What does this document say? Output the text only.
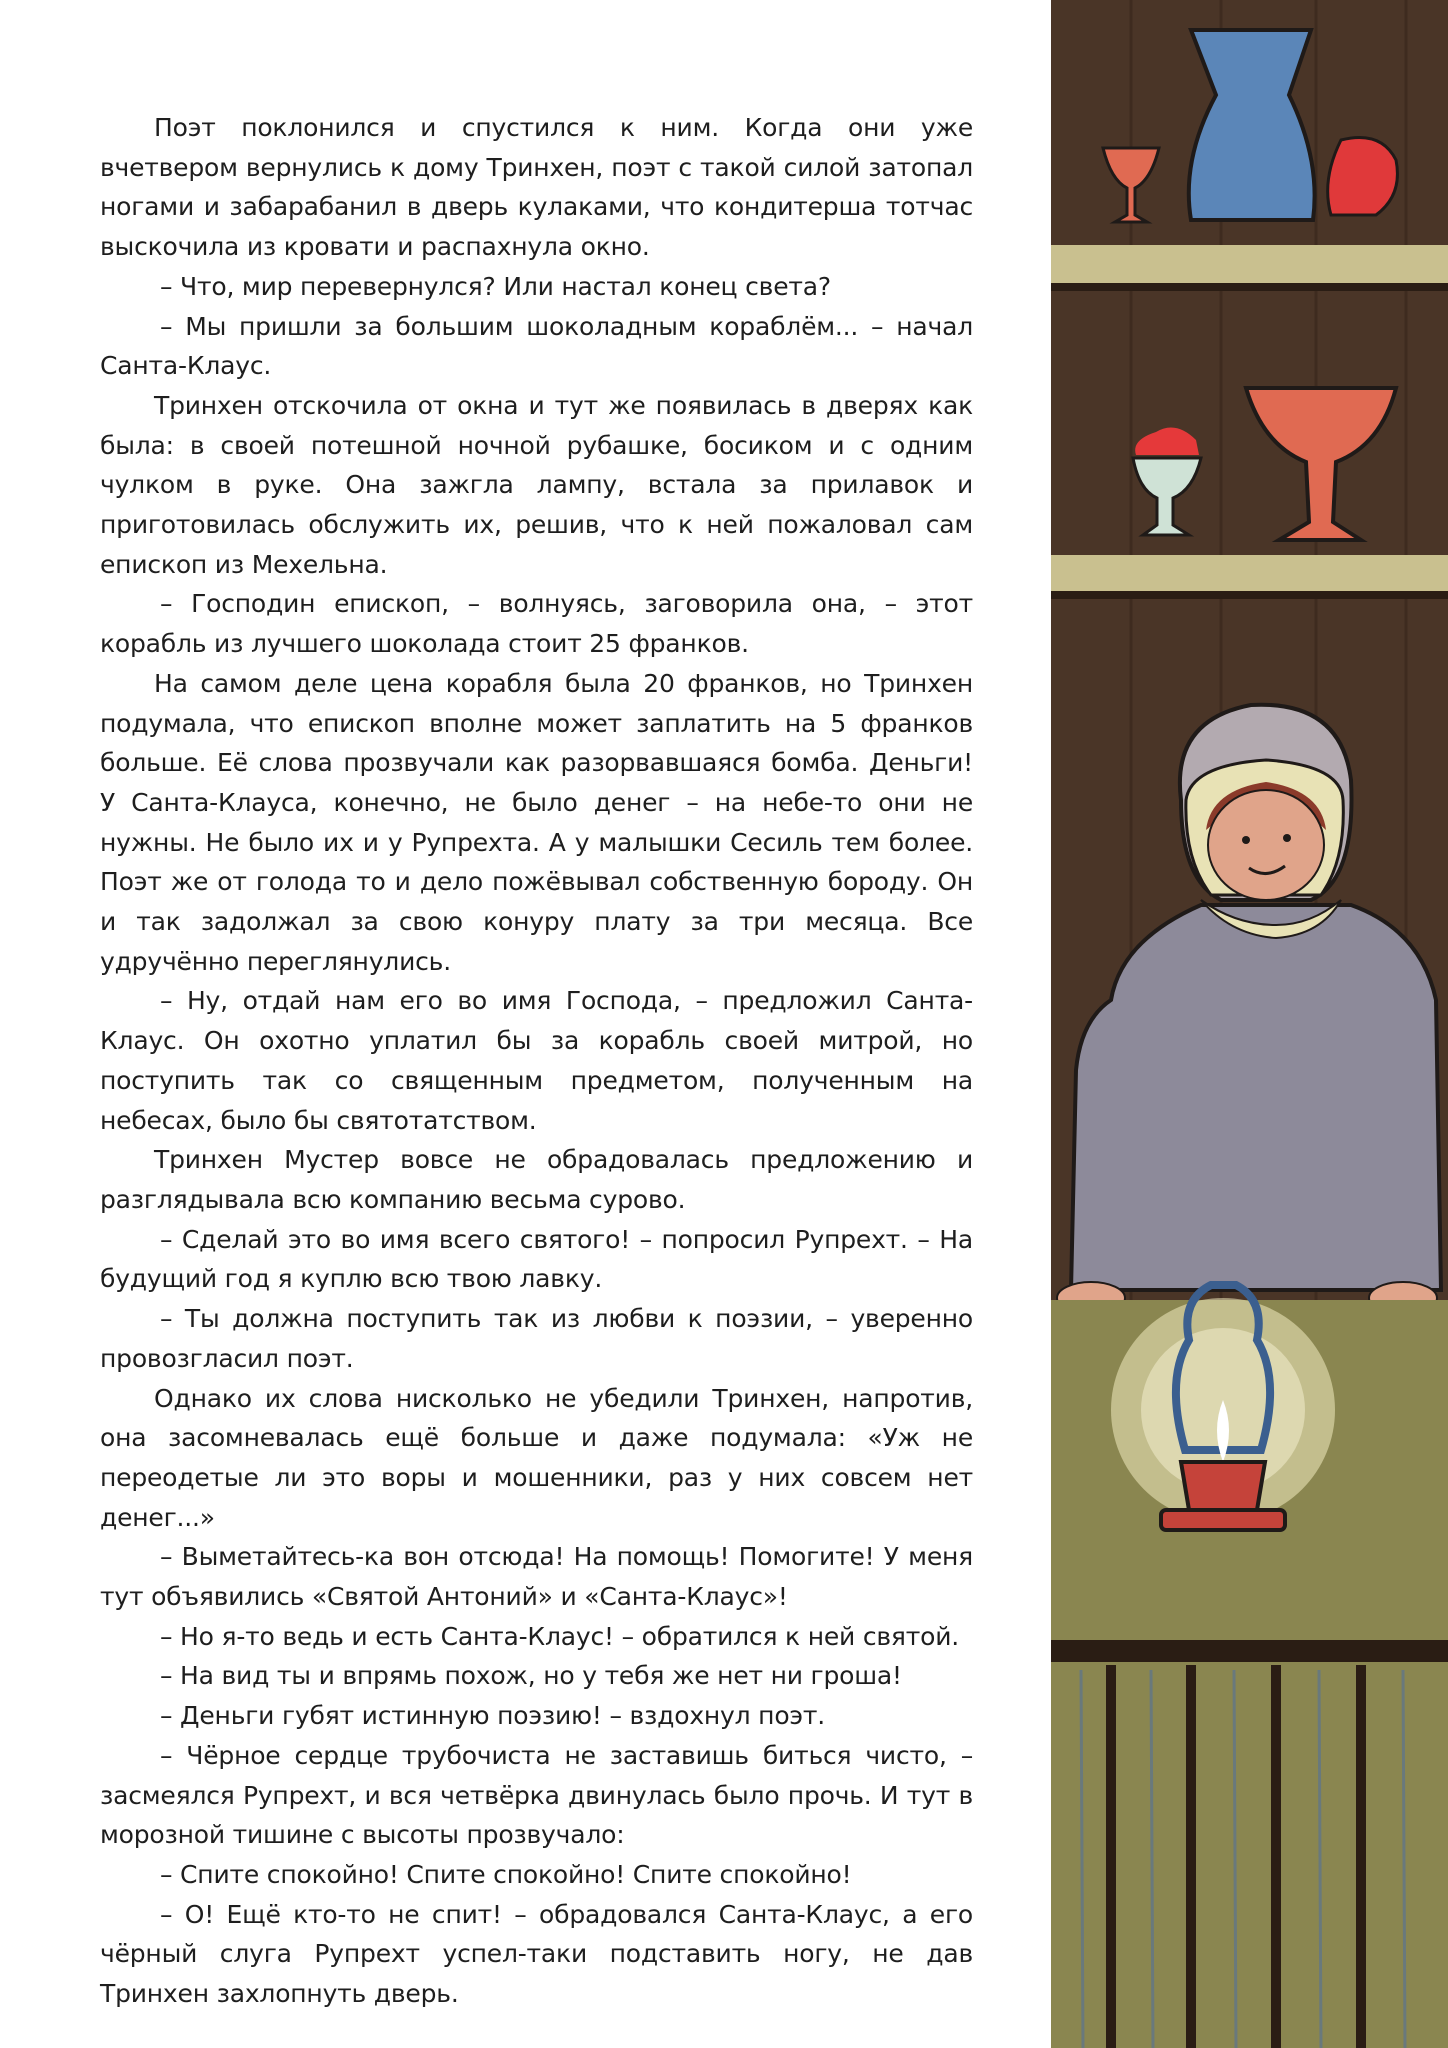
Поэт поклонился и спустился к ним. Когда они уже вчетвером вернулись к дому Тринхен, поэт с такой силой затопал ногами и забарабанил в дверь кулаками, что кондитерша тотчас выскочила из кровати и распахнула окно.

– Что, мир перевернулся? Или настал конец света?

– Мы пришли за большим шоколадным кораблём... – начал Санта-Клаус.

Тринхен отскочила от окна и тут же появилась в дверях как была: в своей потешной ночной рубашке, босиком и с одним чулком в руке. Она зажгла лампу, встала за прилавок и приготовилась обслужить их, решив, что к ней пожаловал сам епископ из Мехельна.

– Господин епископ, – волнуясь, заговорила она, – этот корабль из лучшего шоколада стоит 25 франков.

На самом деле цена корабля была 20 франков, но Тринхен подумала, что епископ вполне может заплатить на 5 франков больше. Её слова прозвучали как разорвавшаяся бомба. Деньги! У Санта-Клауса, конечно, не было денег – на небе-то они не нужны. Не было их и у Рупрехта. А у малышки Сесиль тем более. Поэт же от голода то и дело пожёвывал собственную бороду. Он и так задолжал за свою конуру плату за три месяца. Все удручённо переглянулись.

– Ну, отдай нам его во имя Господа, – предложил Санта-Клаус. Он охотно уплатил бы за корабль своей митрой, но поступить так со священным предметом, полученным на небесах, было бы святотатством.

Тринхен Мустер вовсе не обрадовалась предложению и разглядывала всю компанию весьма сурово.

– Сделай это во имя всего святого! – попросил Рупрехт. – На будущий год я куплю всю твою лавку.

– Ты должна поступить так из любви к поэзии, – уверенно провозгласил поэт.

Однако их слова нисколько не убедили Тринхен, напротив, она засомневалась ещё больше и даже подумала: «Уж не переодетые ли это воры и мошенники, раз у них совсем нет денег...»

– Выметайтесь-ка вон отсюда! На помощь! Помогите! У меня тут объявились «Святой Антоний» и «Санта-Клаус»!

– Но я-то ведь и есть Санта-Клаус! – обратился к ней святой.

– На вид ты и впрямь похож, но у тебя же нет ни гроша!

– Деньги губят истинную поэзию! – вздохнул поэт.

– Чёрное сердце трубочиста не заставишь биться чисто, – засмеялся Рупрехт, и вся четвёрка двинулась было прочь. И тут в морозной тишине с высоты прозвучало:

– Спите спокойно! Спите спокойно! Спите спокойно!

– О! Ещё кто-то не спит! – обрадовался Санта-Клаус, а его чёрный слуга Рупрехт успел-таки подставить ногу, не дав Тринхен захлопнуть дверь.
